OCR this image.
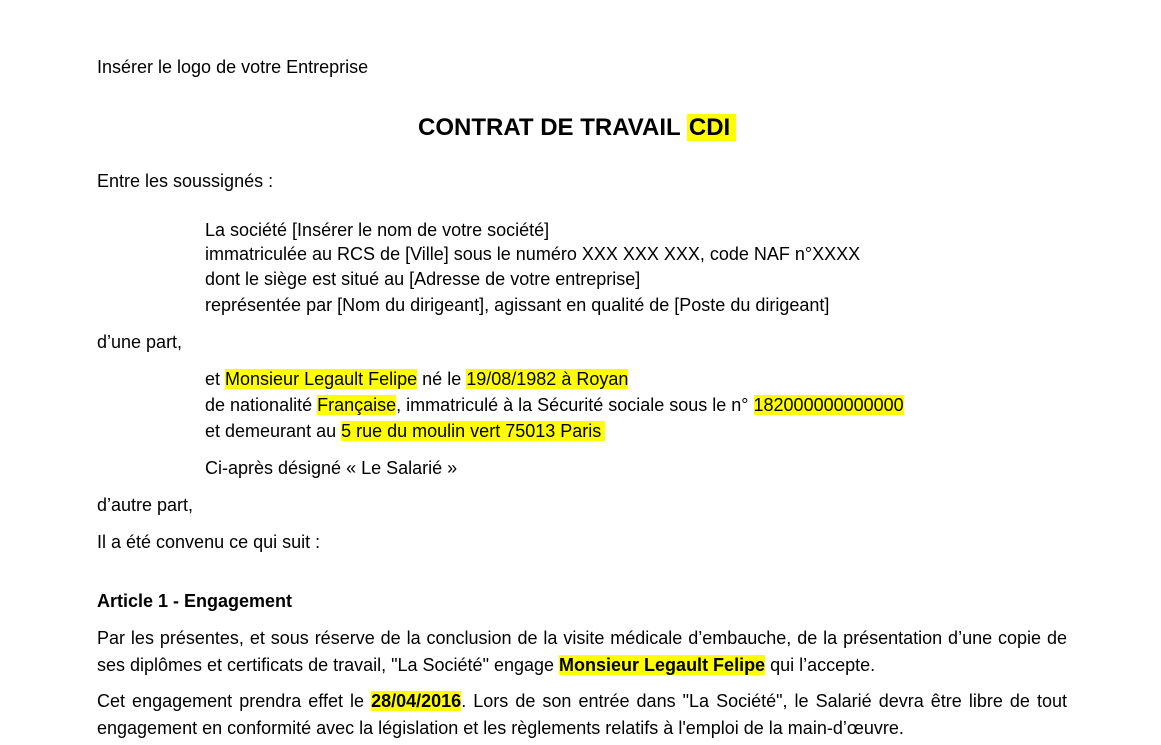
Insérer le logo de votre Entreprise
CONTRAT DE TRAVAIL CDI
Entre les soussignés :
La société [Insérer le nom de votre société]
immatriculée au RCS de [Ville] sous le numéro XXX XXX XXX, code NAF n°XXXX
dont le siège est situé au [Adresse de votre entreprise]
représentée par [Nom du dirigeant], agissant en qualité de [Poste du dirigeant]
d’une part,
et Monsieur Legault Felipe né le 19/08/1982 à Royan
de nationalité Française, immatriculé à la Sécurité sociale sous le n° 182000000000000
et demeurant au 5 rue du moulin vert 75013 Paris
Ci-après désigné « Le Salarié »
d’autre part,
Il a été convenu ce qui suit :
Article 1 - Engagement
Par les présentes, et sous réserve de la conclusion de la visite médicale d’embauche, de la présentation d’une copie de ses diplômes et certificats de travail, "La Société" engage Monsieur Legault Felipe qui l’accepte.
Cet engagement prendra effet le 28/04/2016. Lors de son entrée dans "La Société", le Salarié devra être libre de tout engagement en conformité avec la législation et les règlements relatifs à l'emploi de la main-d’œuvre.
